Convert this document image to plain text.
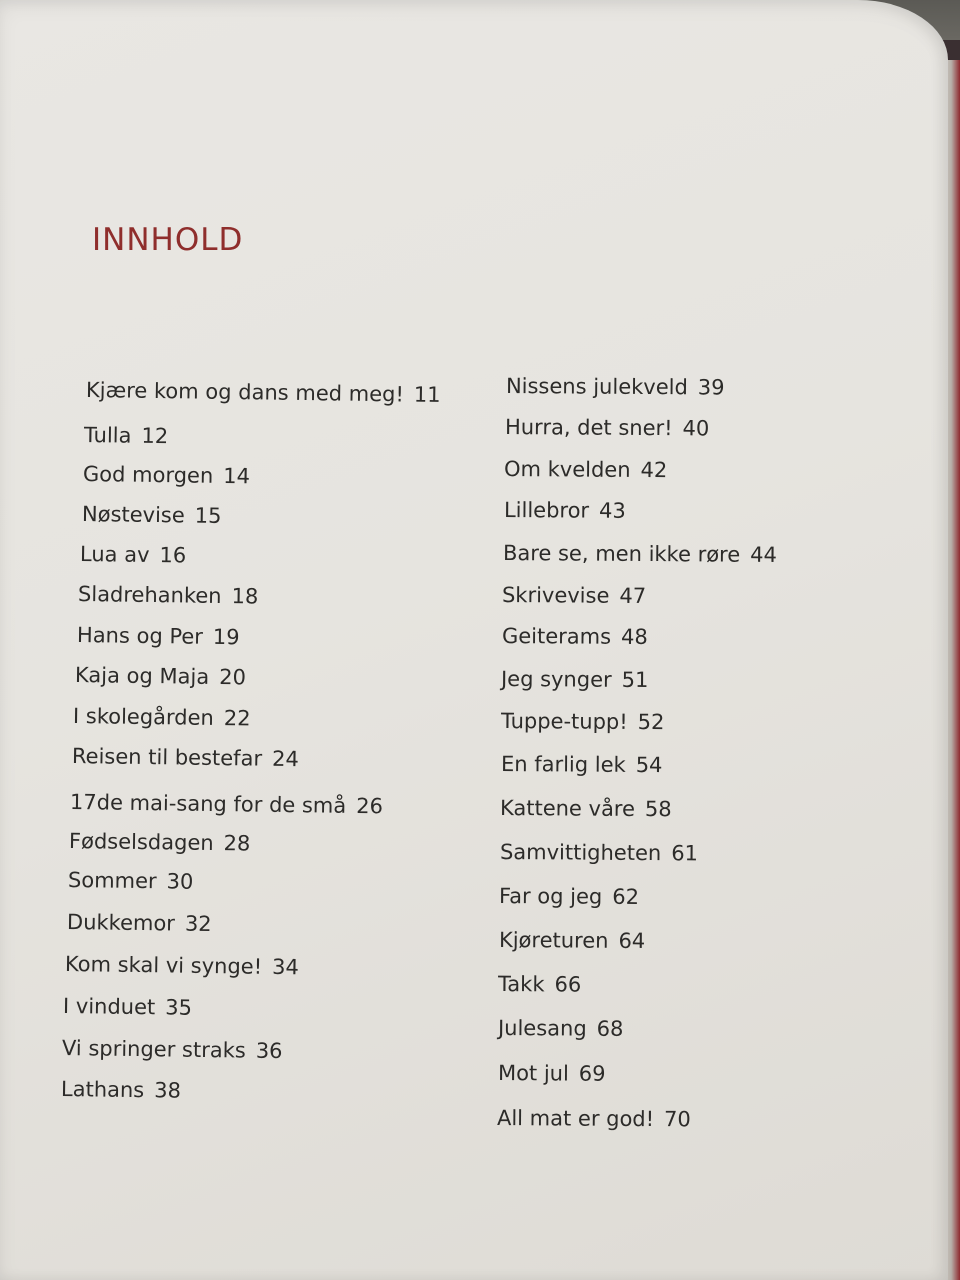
INNHOLD
Kjære kom og dans med meg! 11
Tulla 12
God morgen 14
Nøstevise 15
Lua av 16
Sladrehanken 18
Hans og Per 19
Kaja og Maja 20
I skolegården 22
Reisen til bestefar 24
17de mai-sang for de små 26
Fødselsdagen 28
Sommer 30
Dukkemor 32
Kom skal vi synge! 34
I vinduet 35
Vi springer straks 36
Lathans 38
Nissens julekveld 39
Hurra, det sner! 40
Om kvelden 42
Lillebror 43
Bare se, men ikke røre 44
Skrivevise 47
Geiterams 48
Jeg synger 51
Tuppe-tupp! 52
En farlig lek 54
Kattene våre 58
Samvittigheten 61
Far og jeg 62
Kjøreturen 64
Takk 66
Julesang 68
Mot jul 69
All mat er god! 70
